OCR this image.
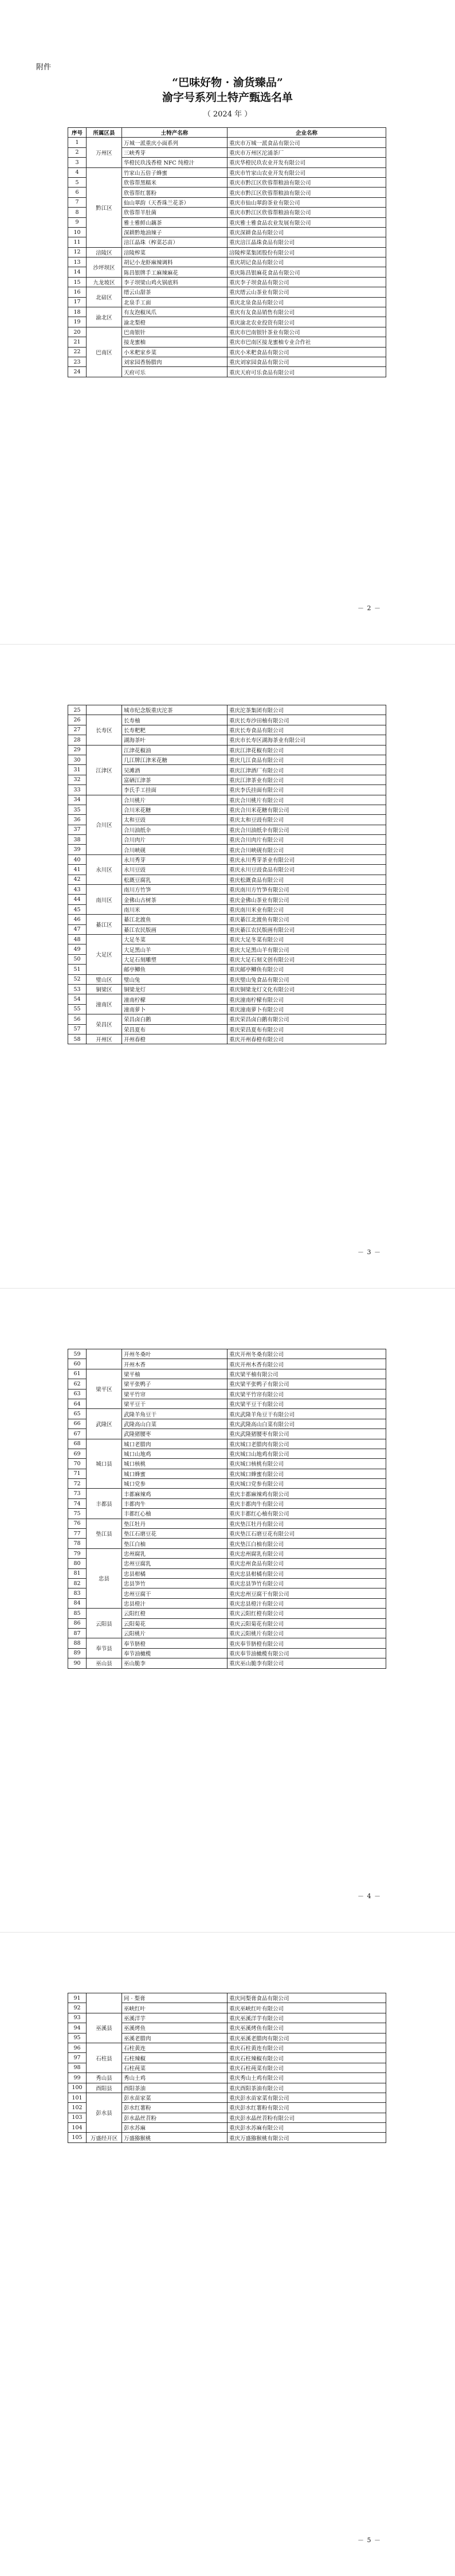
附件
“巴味好物 · 渝货臻品”
渝字号系列土特产甄选名单
（ 2024 年 ）
序号	所属区县	土特产名称	企业名称
1	万州区	万城一派重庆小面系列	重庆市万城一派食品有限公司
2		三峡秀芽	重庆市万州区沱涌茶厂
3		华橙民玖浅香橙 NFC 纯橙汁	重庆华橙民玖农业开发有限公司
4	黔江区	竹家山五倍子蜂蜜	重庆市竹家山农业开发有限公司
5		欣蓉帮黑糯米	重庆市黔江区欣蓉帮粮油有限公司
6		欣蓉帮红薯粉	重庆市黔江区欣蓉帮粮油有限公司
7		仙山翠韵（天香珠兰花茶）	重庆市仙山翠韵茶业有限公司
8		欣蓉帮羊肚菌	重庆市黔江区欣蓉帮粮油有限公司
9		雅士雅鲜山藕茶	重庆雅士雅食品农业发展有限公司
10		深耕黔地油辣子	重庆深耕食品有限公司
11		涪江晶珠（榨菜芯苗）	重庆涪江晶珠食品有限公司
12	涪陵区	涪陵榨菜	涪陵榨菜集团股份有限公司
13	沙坪坝区	胡记小龙虾麻辣调料	重庆胡记食品有限公司
14		陈昌银牌手工麻辣麻花	重庆陈昌银麻花食品有限公司
15	九龙坡区	李子坝梁山鸡火锅底料	重庆李子坝食品有限公司
16	北碚区	缙云山甜茶	重庆缙云山茶业有限公司
17		北泉手工面	重庆北泉食品有限公司
18	渝北区	有友泡椒凤爪	重庆有友食品销售有限公司
19		渝北梨橙	重庆渝北农业投资有限公司
20	巴南区	巴南银针	重庆市巴南银针茶业有限公司
21		接龙蜜柚	重庆市巴南区接龙蜜柚专业合作社
22		小米粑家乡菜	重庆小米粑食品有限公司
23		刘家园香肠腊肉	重庆刘家园食品有限公司
24		天府可乐	重庆天府可乐食品有限公司
－ 2 －
25		城市纪念版重庆沱茶	重庆沱茶集团有限公司
26	长寿区	长寿柚	重庆长寿沙田柚有限公司
27		长寿粑粑	重庆长寿食品有限公司
28		湖海茶叶	重庆市长寿区湖海茶业有限公司
29	江津区	江津花椒油	重庆江津花椒有限公司
30		几江牌江津米花糖	重庆几江食品有限公司
31		吴滩酒	重庆江津酒厂有限公司
32		富硒江津茶	重庆江津茶业有限公司
33		李氏手工挂面	重庆李氏挂面有限公司
34	合川区	合川桃片	重庆合川桃片有限公司
35		合川米花糖	重庆合川米花糖有限公司
36		太和豆豉	重庆太和豆豉有限公司
37		合川油纸伞	重庆合川油纸伞有限公司
38		合川肉片	重庆合川肉片有限公司
39		合川峡砚	重庆合川峡砚有限公司
40	永川区	永川秀芽	重庆永川秀芽茶业有限公司
41		永川豆豉	重庆永川豆豉食品有限公司
42		松溉豆腐乳	重庆松溉食品有限公司
43	南川区	南川方竹笋	重庆南川方竹笋有限公司
44		金佛山古树茶	重庆金佛山茶业有限公司
45		南川米	重庆南川米业有限公司
46	綦江区	綦江北渡鱼	重庆綦江北渡鱼有限公司
47		綦江农民版画	重庆綦江农民版画有限公司
48	大足区	大足冬菜	重庆大足冬菜有限公司
49		大足黑山羊	重庆大足黑山羊有限公司
50		大足石刻雕塑	重庆大足石刻文创有限公司
51		邮亭鲫鱼	重庆邮亭鲫鱼有限公司
52	璧山区	璧山兔	重庆璧山兔食品有限公司
53	铜梁区	铜梁龙灯	重庆铜梁龙灯文化有限公司
54	潼南区	潼南柠檬	重庆潼南柠檬有限公司
55		潼南萝卜	重庆潼南萝卜有限公司
56	荣昌区	荣昌卤白鹅	重庆荣昌卤白鹅有限公司
57		荣昌夏布	重庆荣昌夏布有限公司
58	开州区	开州春橙	重庆开州春橙有限公司
－ 3 －
59		开州冬桑叶	重庆开州冬桑有限公司
60		开州木香	重庆开州木香有限公司
61	梁平区	梁平柚	重庆梁平柚有限公司
62		梁平张鸭子	重庆梁平张鸭子有限公司
63		梁平竹帘	重庆梁平竹帘有限公司
64		梁平豆干	重庆梁平豆干有限公司
65	武隆区	武隆羊角豆干	重庆武隆羊角豆干有限公司
66		武隆高山白菜	重庆武隆高山白菜有限公司
67		武隆猪腰枣	重庆武隆猪腰枣有限公司
68	城口县	城口老腊肉	重庆城口老腊肉有限公司
69		城口山地鸡	重庆城口山地鸡有限公司
70		城口核桃	重庆城口核桃有限公司
71		城口蜂蜜	重庆城口蜂蜜有限公司
72		城口党参	重庆城口党参有限公司
73	丰都县	丰都麻辣鸡	重庆丰都麻辣鸡有限公司
74		丰都肉牛	重庆丰都肉牛有限公司
75		丰都红心柚	重庆丰都红心柚有限公司
76	垫江县	垫江牡丹	重庆垫江牡丹有限公司
77		垫江石磨豆花	重庆垫江石磨豆花有限公司
78		垫江白柚	重庆垫江白柚有限公司
79	忠县	忠州腐乳	重庆忠州腐乳有限公司
80		忠州豆腐乳	重庆忠州食品有限公司
81		忠县柑橘	重庆忠县柑橘有限公司
82		忠县笋竹	重庆忠县笋竹有限公司
83		忠州豆腐干	重庆忠州豆腐干有限公司
84		忠县橙汁	重庆忠县橙汁有限公司
85	云阳县	云阳红橙	重庆云阳红橙有限公司
86		云阳菊花	重庆云阳菊花有限公司
87		云阳桃片	重庆云阳桃片有限公司
88	奉节县	奉节脐橙	重庆奉节脐橙有限公司
89		奉节油橄榄	重庆奉节油橄榄有限公司
90	巫山县	巫山脆李	重庆巫山脆李有限公司
－ 4 －
91		同 · 梨膏	重庆同梨膏食品有限公司
92		巫峡红叶	重庆巫峡红叶有限公司
93	巫溪县	巫溪洋芋	重庆巫溪洋芋有限公司
94		巫溪烤鱼	重庆巫溪烤鱼有限公司
95		巫溪老腊肉	重庆巫溪老腊肉有限公司
96	石柱县	石柱黄连	重庆石柱黄连有限公司
97		石柱辣椒	重庆石柱辣椒有限公司
98		石柱莼菜	重庆石柱莼菜有限公司
99	秀山县	秀山土鸡	重庆秀山土鸡有限公司
100	酉阳县	酉阳茶油	重庆酉阳茶油有限公司
101	彭水县	彭水苗家菜	重庆彭水苗家菜有限公司
102		彭水红薯粉	重庆彭水红薯粉有限公司
103		彭水晶丝苕粉	重庆彭水晶丝苕粉有限公司
104		彭水苏麻	重庆彭水苏麻有限公司
105	万盛经开区	万盛猕猴桃	重庆万盛猕猴桃有限公司
－ 5 －
